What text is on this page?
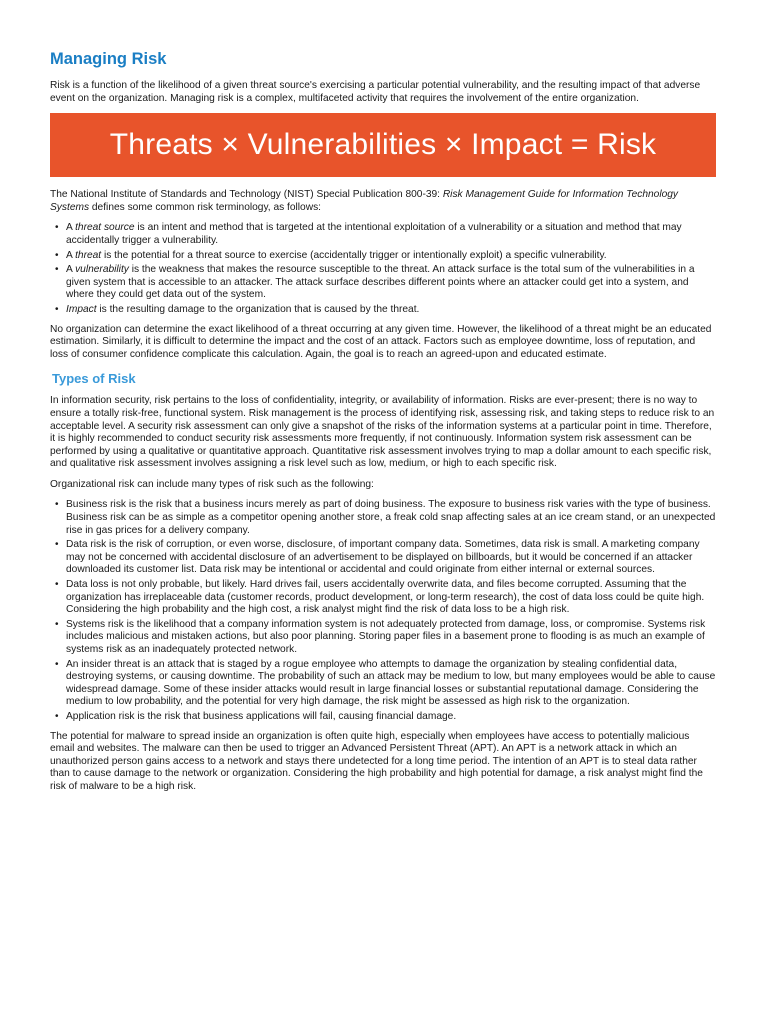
Managing Risk

Risk is a function of the likelihood of a given threat source's exercising a particular potential vulnerability, and the resulting impact of that adverse event on the organization. Managing risk is a complex, multifaceted activity that requires the involvement of the entire organization.

Threats × Vulnerabilities × Impact = Risk

The National Institute of Standards and Technology (NIST) Special Publication 800-39: Risk Management Guide for Information Technology Systems defines some common risk terminology, as follows:

• A threat source is an intent and method that is targeted at the intentional exploitation of a vulnerability or a situation and method that may accidentally trigger a vulnerability.
• A threat is the potential for a threat source to exercise (accidentally trigger or intentionally exploit) a specific vulnerability.
• A vulnerability is the weakness that makes the resource susceptible to the threat. An attack surface is the total sum of the vulnerabilities in a given system that is accessible to an attacker. The attack surface describes different points where an attacker could get into a system, and where they could get data out of the system.
• Impact is the resulting damage to the organization that is caused by the threat.

No organization can determine the exact likelihood of a threat occurring at any given time. However, the likelihood of a threat might be an educated estimation. Similarly, it is difficult to determine the impact and the cost of an attack. Factors such as employee downtime, loss of reputation, and loss of consumer confidence complicate this calculation. Again, the goal is to reach an agreed-upon and educated estimate.

Types of Risk

In information security, risk pertains to the loss of confidentiality, integrity, or availability of information. Risks are ever-present; there is no way to ensure a totally risk-free, functional system. Risk management is the process of identifying risk, assessing risk, and taking steps to reduce risk to an acceptable level. A security risk assessment can only give a snapshot of the risks of the information systems at a particular point in time. Therefore, it is highly recommended to conduct security risk assessments more frequently, if not continuously. Information system risk assessment can be performed by using a qualitative or quantitative approach. Quantitative risk assessment involves trying to map a dollar amount to each specific risk, and qualitative risk assessment involves assigning a risk level such as low, medium, or high to each specific risk.

Organizational risk can include many types of risk such as the following:

• Business risk is the risk that a business incurs merely as part of doing business. The exposure to business risk varies with the type of business. Business risk can be as simple as a competitor opening another store, a freak cold snap affecting sales at an ice cream stand, or an unexpected rise in gas prices for a delivery company.
• Data risk is the risk of corruption, or even worse, disclosure, of important company data. Sometimes, data risk is small. A marketing company may not be concerned with accidental disclosure of an advertisement to be displayed on billboards, but it would be concerned if an attacker downloaded its customer list. Data risk may be intentional or accidental and could originate from either internal or external sources.
• Data loss is not only probable, but likely. Hard drives fail, users accidentally overwrite data, and files become corrupted. Assuming that the organization has irreplaceable data (customer records, product development, or long-term research), the cost of data loss could be quite high. Considering the high probability and the high cost, a risk analyst might find the risk of data loss to be a high risk.
• Systems risk is the likelihood that a company information system is not adequately protected from damage, loss, or compromise. Systems risk includes malicious and mistaken actions, but also poor planning. Storing paper files in a basement prone to flooding is as much an example of systems risk as an inadequately protected network.
• An insider threat is an attack that is staged by a rogue employee who attempts to damage the organization by stealing confidential data, destroying systems, or causing downtime. The probability of such an attack may be medium to low, but many employees would be able to cause widespread damage. Some of these insider attacks would result in large financial losses or substantial reputational damage. Considering the medium to low probability, and the potential for very high damage, the risk might be assessed as high risk to the organization.
• Application risk is the risk that business applications will fail, causing financial damage.

The potential for malware to spread inside an organization is often quite high, especially when employees have access to potentially malicious email and websites. The malware can then be used to trigger an Advanced Persistent Threat (APT). An APT is a network attack in which an unauthorized person gains access to a network and stays there undetected for a long time period. The intention of an APT is to steal data rather than to cause damage to the network or organization. Considering the high probability and high potential for damage, a risk analyst might find the risk of malware to be a high risk.
